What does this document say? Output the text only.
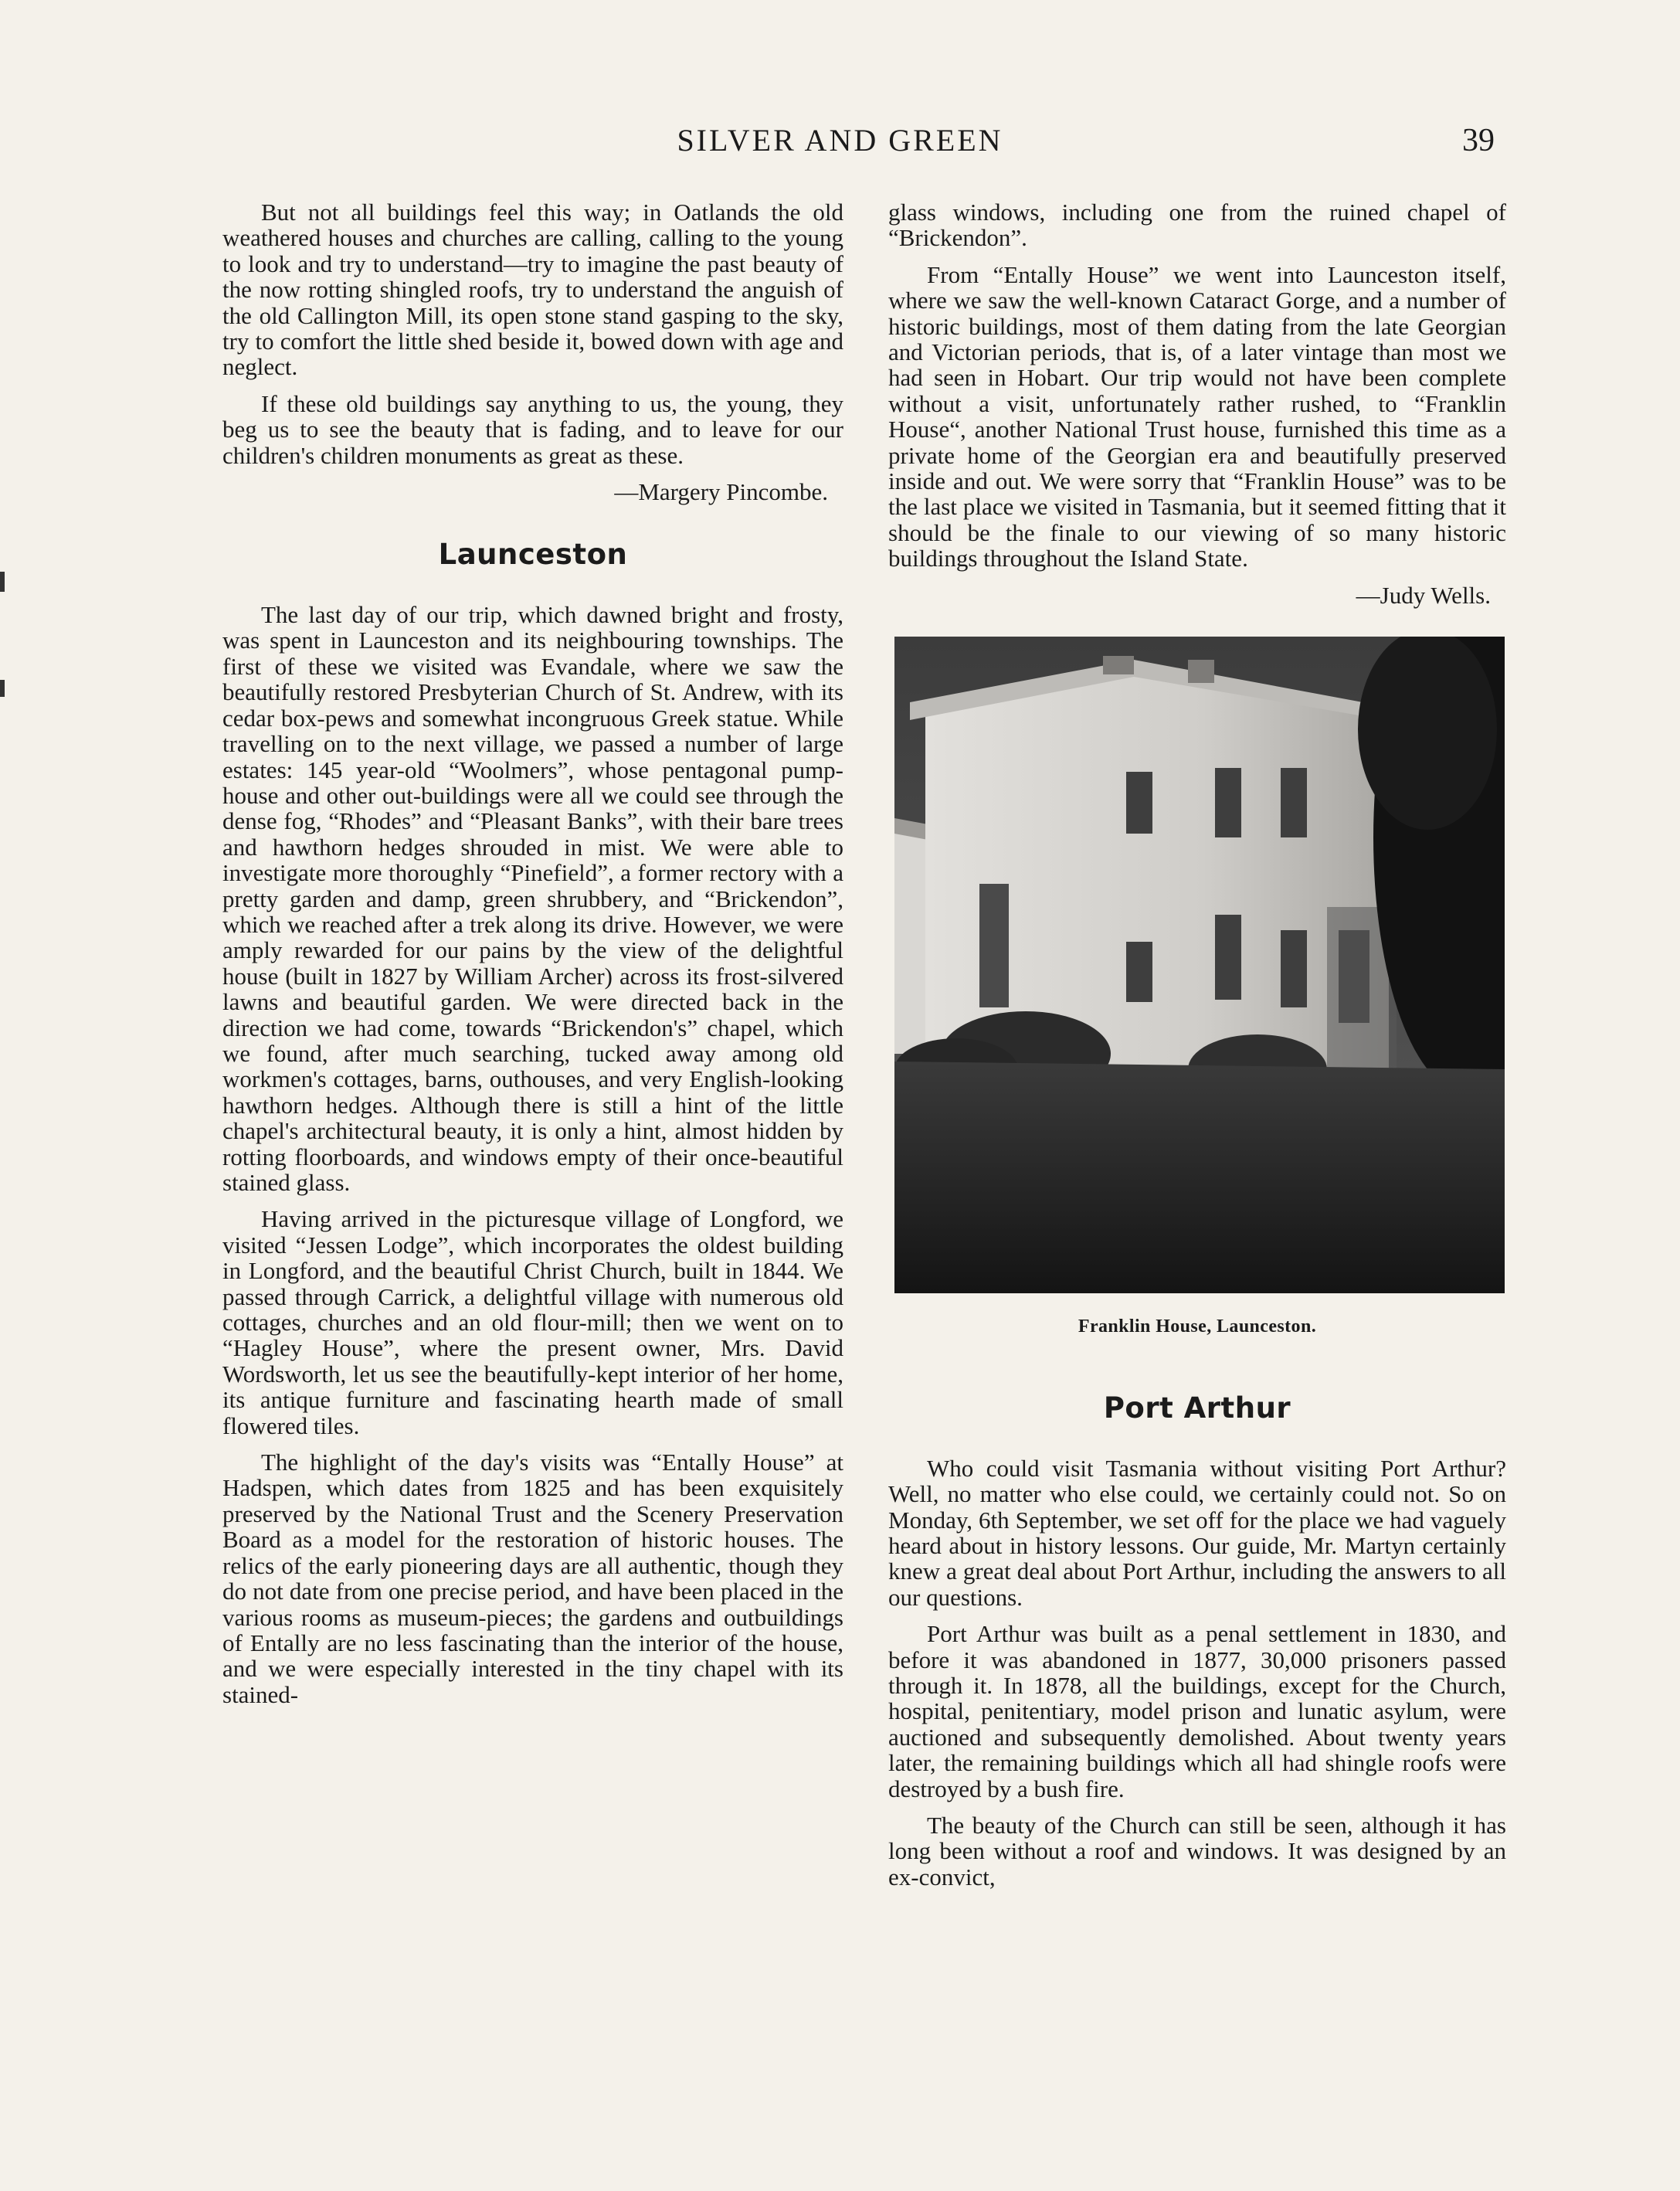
SILVER AND GREEN	39

But not all buildings feel this way; in Oatlands the old weathered houses and churches are calling, calling to the young to look and try to understand—try to imagine the past beauty of the now rotting shingled roofs, try to understand the anguish of the old Callington Mill, its open stone stand gasping to the sky, try to comfort the little shed beside it, bowed down with age and neglect.

If these old buildings say anything to us, the young, they beg us to see the beauty that is fading, and to leave for our children's children monuments as great as these.

—Margery Pincombe.
Launceston

The last day of our trip, which dawned bright and frosty, was spent in Launceston and its neighbouring townships. The first of these we visited was Evandale, where we saw the beautifully restored Presbyterian Church of St. Andrew, with its cedar box-pews and somewhat incongruous Greek statue. While travelling on to the next village, we passed a number of large estates: 145 year-old “Woolmers”, whose pentagonal pump-house and other out-buildings were all we could see through the dense fog, “Rhodes” and “Pleasant Banks”, with their bare trees and hawthorn hedges shrouded in mist. We were able to investigate more thoroughly “Pinefield”, a former rectory with a pretty garden and damp, green shrubbery, and “Brickendon”, which we reached after a trek along its drive. However, we were amply rewarded for our pains by the view of the delightful house (built in 1827 by William Archer) across its frost-silvered lawns and beautiful garden. We were directed back in the direction we had come, towards “Brickendon's” chapel, which we found, after much searching, tucked away among old workmen's cottages, barns, outhouses, and very English-looking hawthorn hedges. Although there is still a hint of the little chapel's architectural beauty, it is only a hint, almost hidden by rotting floorboards, and windows empty of their once-beautiful stained glass.

Having arrived in the picturesque village of Longford, we visited “Jessen Lodge”, which incorporates the oldest building in Longford, and the beautiful Christ Church, built in 1844. We passed through Carrick, a delightful village with numerous old cottages, churches and an old flour-mill; then we went on to “Hagley House”, where the present owner, Mrs. David Wordsworth, let us see the beautifully-kept interior of her home, its antique furniture and fascinating hearth made of small flowered tiles.

The highlight of the day's visits was “Entally House” at Hadspen, which dates from 1825 and has been exquisitely preserved by the National Trust and the Scenery Preservation Board as a model for the restoration of historic houses. The relics of the early pioneering days are all authentic, though they do not date from one precise period, and have been placed in the various rooms as museum-pieces; the gardens and outbuildings of Entally are no less fascinating than the interior of the house, and we were especially interested in the tiny chapel with its stained-

glass windows, including one from the ruined chapel of “Brickendon”.

From “Entally House” we went into Launceston itself, where we saw the well-known Cataract Gorge, and a number of historic buildings, most of them dating from the late Georgian and Victorian periods, that is, of a later vintage than most we had seen in Hobart. Our trip would not have been complete without a visit, unfortunately rather rushed, to “Franklin House“, another National Trust house, furnished this time as a private home of the Georgian era and beautifully preserved inside and out. We were sorry that “Franklin House” was to be the last place we visited in Tasmania, but it seemed fitting that it should be the finale to our viewing of so many historic buildings throughout the Island State.

—Judy Wells.
Franklin House, Launceston.
Port Arthur

Who could visit Tasmania without visiting Port Arthur? Well, no matter who else could, we certainly could not. So on Monday, 6th September, we set off for the place we had vaguely heard about in history lessons. Our guide, Mr. Martyn certainly knew a great deal about Port Arthur, including the answers to all our questions.

Port Arthur was built as a penal settlement in 1830, and before it was abandoned in 1877, 30,000 prisoners passed through it. In 1878, all the buildings, except for the Church, hospital, penitentiary, model prison and lunatic asylum, were auctioned and subsequently demolished. About twenty years later, the remaining buildings which all had shingle roofs were destroyed by a bush fire.

The beauty of the Church can still be seen, although it has long been without a roof and windows. It was designed by an ex-convict,
